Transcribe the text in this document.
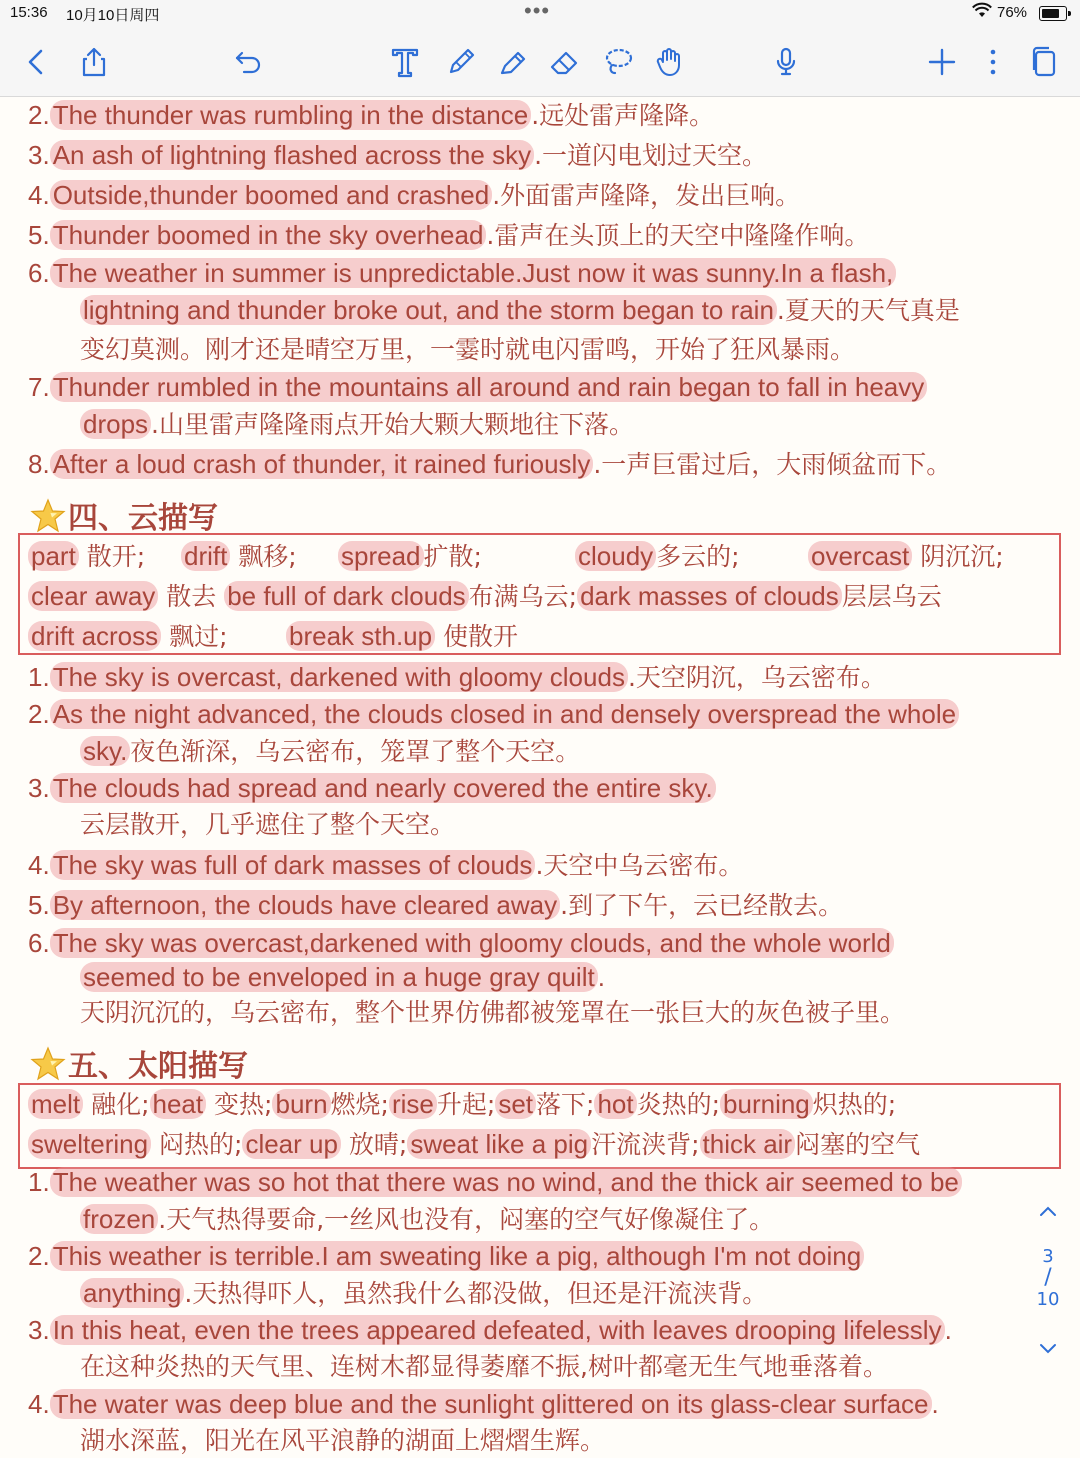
15:36 10月10日周四	•••	76%
2. The thunder was rumbling in the distance .远处雷声隆降。
3. An ash of lightning flashed across the sky .一道闪电划过天空。
4. Outside,thunder boomed and crashed .外面雷声隆降，发出巨响。
5. Thunder boomed in the sky overhead .雷声在头顶上的天空中隆隆作响。
6. The weather in summer is unpredictable.Just now it was sunny.In a flash,
lightning and thunder broke out, and the storm began to rain .夏天的天气真是
变幻莫测。刚才还是晴空万里，一霎时就电闪雷鸣，开始了狂风暴雨。
7. Thunder rumbled in the mountains all around and rain began to fall in heavy
drops .山里雷声隆隆雨点开始大颗大颗地往下落。
8. After a loud crash of thunder, it rained furiously .一声巨雷过后，大雨倾盆而下。
四、云描写
part 散开; drift 飘移; spread 扩散;	cloudy 多云的;	overcast 阴沉沉;
clear away 散去 be full of dark clouds 布满乌云; dark masses of clouds 层层乌云
drift across 飘过; break sth.up 使散开
1. The sky is overcast, darkened with gloomy clouds .天空阴沉，乌云密布。
2. As the night advanced, the clouds closed in and densely overspread the whole
sky. 夜色渐深，乌云密布，笼罩了整个天空。
3. The clouds had spread and nearly covered the entire sky.
云层散开，几乎遮住了整个天空。
4. The sky was full of dark masses of clouds .天空中乌云密布。
5. By afternoon, the clouds have cleared away .到了下午，云已经散去。
6. The sky was overcast,darkened with gloomy clouds, and the whole world
seemed to be enveloped in a huge gray quilt .
天阴沉沉的，乌云密布，整个世界仿佛都被笼罩在一张巨大的灰色被子里。
五、太阳描写
melt 融化; heat 变热; burn 燃烧; rise 升起; set 落下; hot 炎热的; burning 炽热的;
sweltering 闷热的; clear up 放晴; sweat like a pig 汗流浃背; thick air 闷塞的空气
1. The weather was so hot that there was no wind, and the thick air seemed to be
frozen .天气热得要命,一丝风也没有，闷塞的空气好像凝住了。
2. This weather is terrible.I am sweating like a pig, although I'm not doing
anything .天热得吓人，虽然我什么都没做，但还是汗流浃背。
3. In this heat, even the trees appeared defeated, with leaves drooping lifelessly .
在这种炎热的天气里、连树木都显得萎靡不振,树叶都毫无生气地垂落着。
4. The water was deep blue and the sunlight glittered on its glass-clear surface .
湖水深蓝，阳光在风平浪静的湖面上熠熠生辉。
3
/
10
